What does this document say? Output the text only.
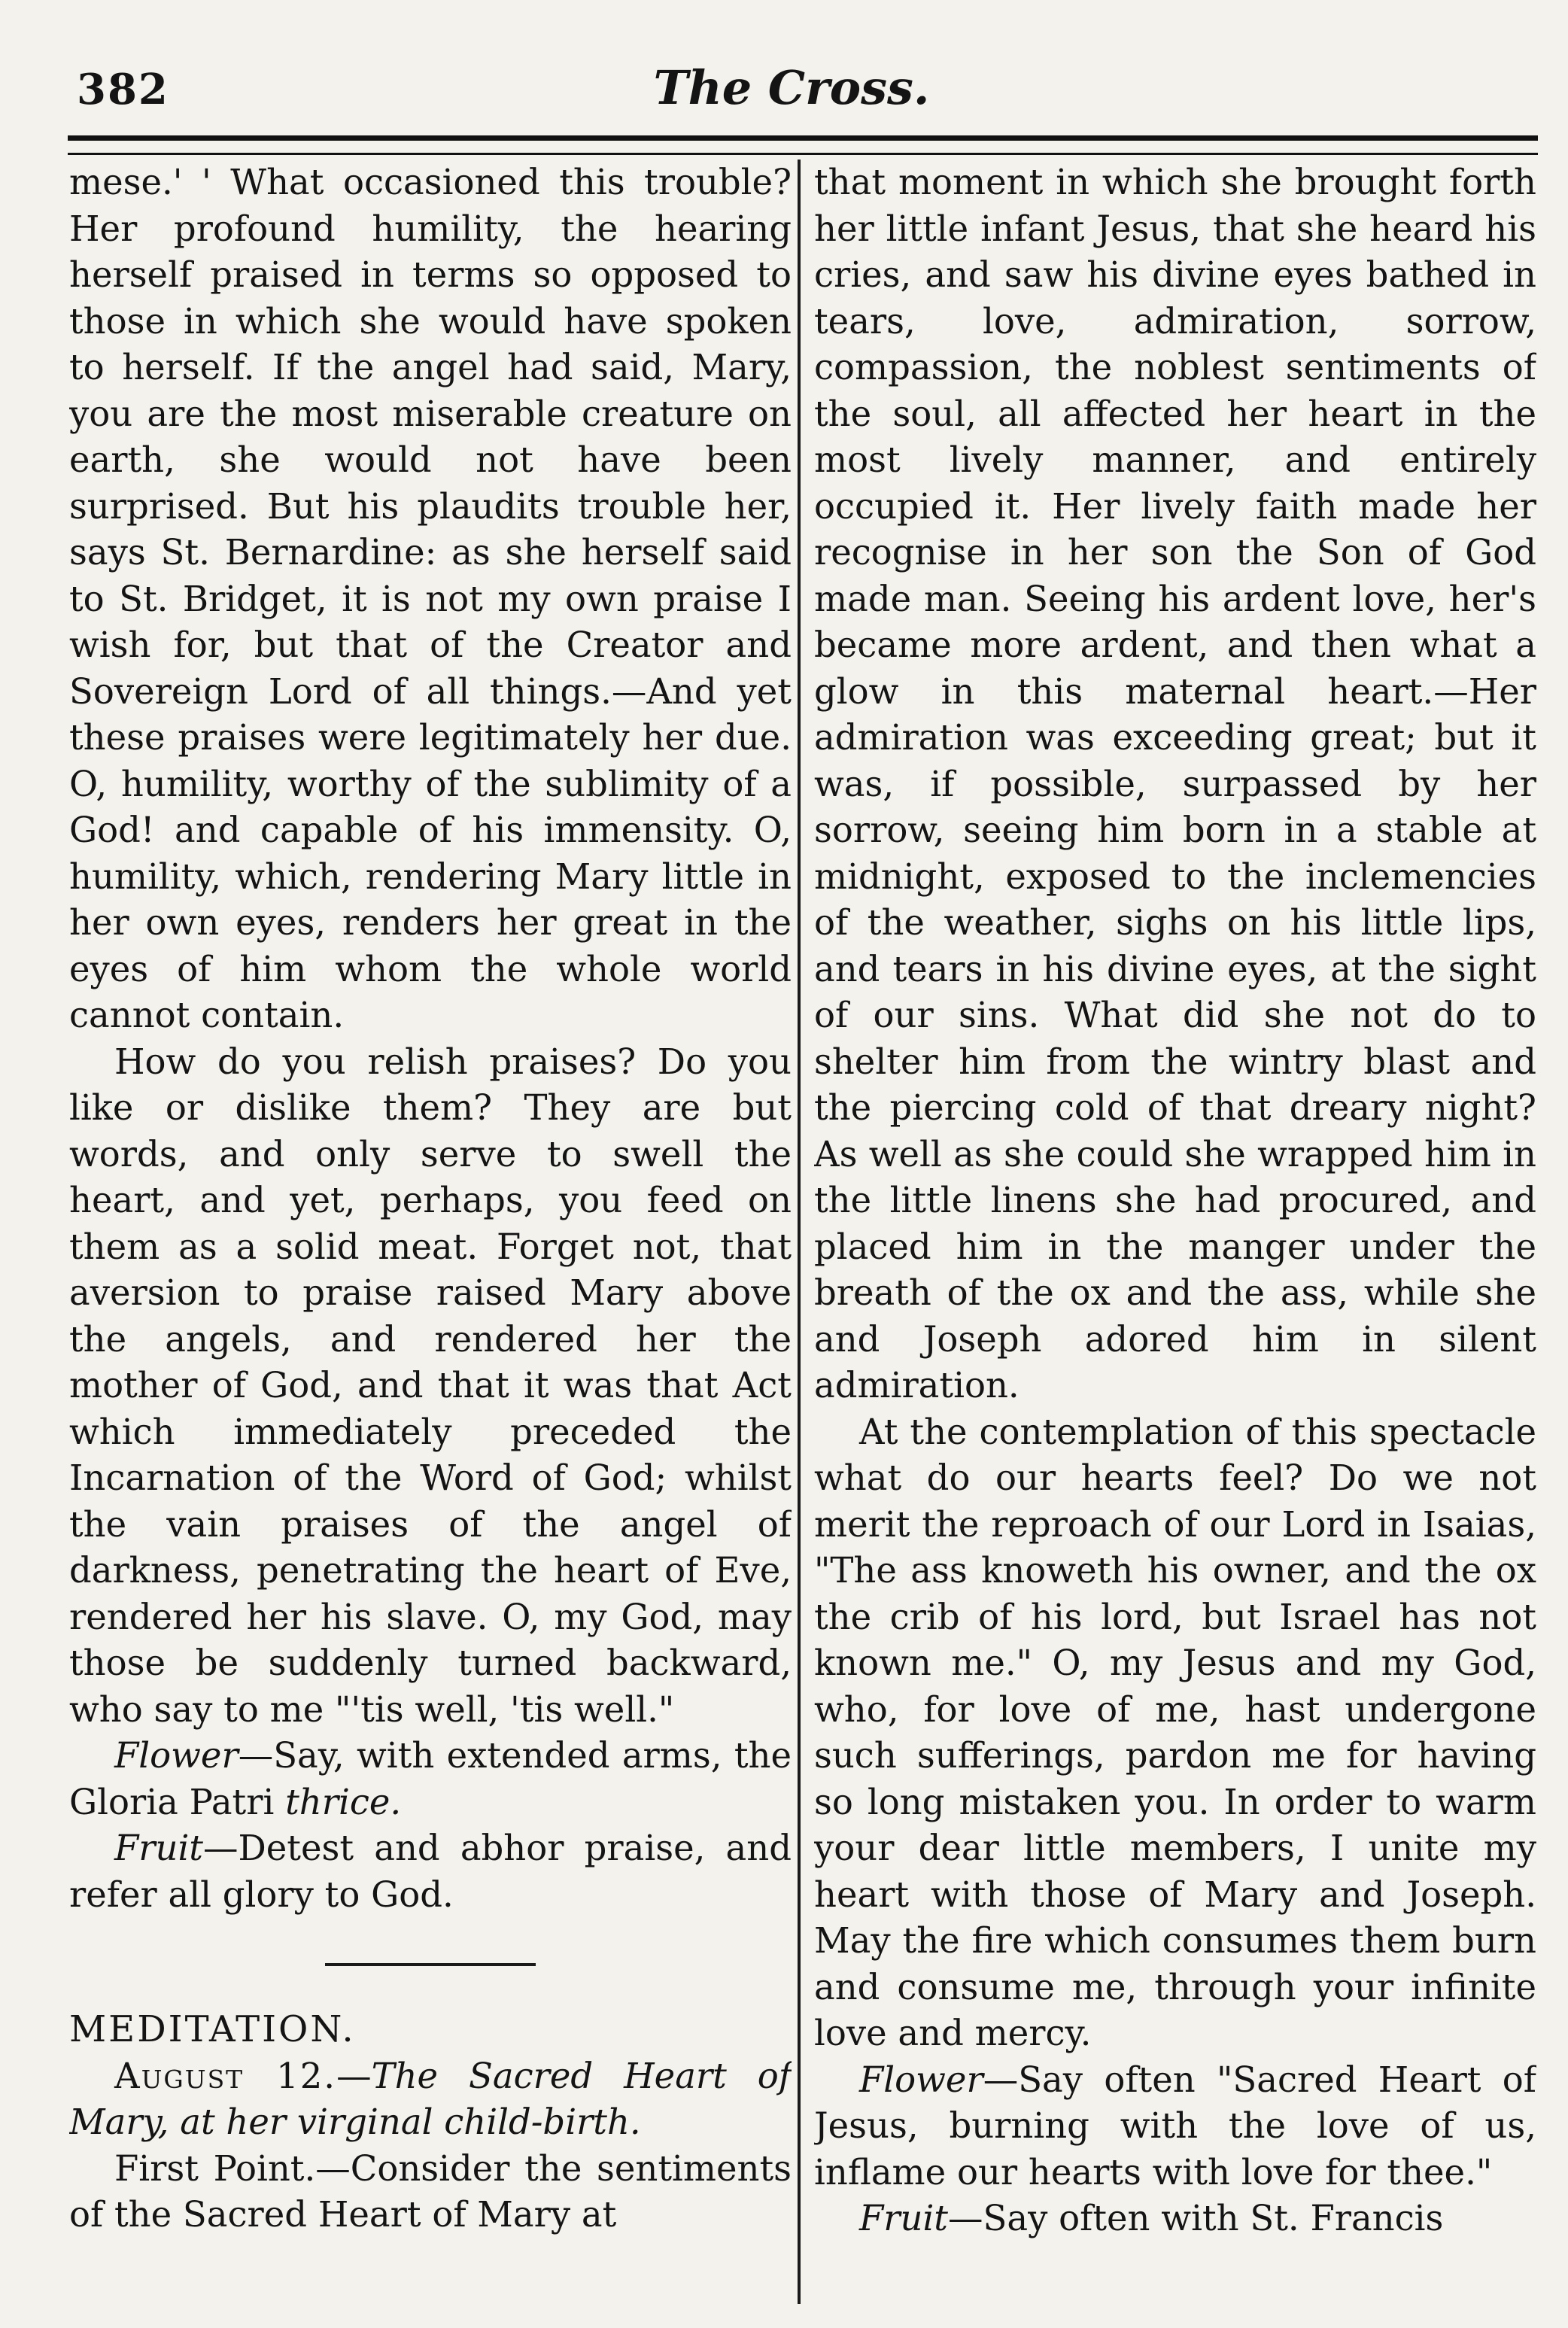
382	The Cross.

mese.' ' What occasioned this trouble? Her profound humility, the hearing herself praised in terms so opposed to those in which she would have spoken to herself. If the angel had said, Mary, you are the most miserable creature on earth, she would not have been surprised. But his plaudits trouble her, says St. Bernardine: as she herself said to St. Bridget, it is not my own praise I wish for, but that of the Creator and Sovereign Lord of all things.—And yet these praises were legitimately her due. O, humility, worthy of the sublimity of a God! and capable of his immensity. O, humility, which, rendering Mary little in her own eyes, renders her great in the eyes of him whom the whole world cannot contain.

How do you relish praises? Do you like or dislike them? They are but words, and only serve to swell the heart, and yet, perhaps, you feed on them as a solid meat. Forget not, that aversion to praise raised Mary above the angels, and rendered her the mother of God, and that it was that Act which immediately preceded the Incarnation of the Word of God; whilst the vain praises of the angel of darkness, penetrating the heart of Eve, rendered her his slave. O, my God, may those be suddenly turned backward, who say to me "'tis well, 'tis well."

Flower—Say, with extended arms, the Gloria Patri thrice.

Fruit—Detest and abhor praise, and refer all glory to God.

MEDITATION.

August 12.—The Sacred Heart of Mary, at her virginal child-birth.

First Point.—Consider the sentiments of the Sacred Heart of Mary at

that moment in which she brought forth her little infant Jesus, that she heard his cries, and saw his divine eyes bathed in tears, love, admiration, sorrow, compassion, the noblest sentiments of the soul, all affected her heart in the most lively manner, and entirely occupied it. Her lively faith made her recognise in her son the Son of God made man. Seeing his ardent love, her's became more ardent, and then what a glow in this maternal heart.—Her admiration was exceeding great; but it was, if possible, surpassed by her sorrow, seeing him born in a stable at midnight, exposed to the inclemencies of the weather, sighs on his little lips, and tears in his divine eyes, at the sight of our sins. What did she not do to shelter him from the wintry blast and the piercing cold of that dreary night? As well as she could she wrapped him in the little linens she had procured, and placed him in the manger under the breath of the ox and the ass, while she and Joseph adored him in silent admiration.

At the contemplation of this spectacle what do our hearts feel? Do we not merit the reproach of our Lord in Isaias, "The ass knoweth his owner, and the ox the crib of his lord, but Israel has not known me." O, my Jesus and my God, who, for love of me, hast undergone such sufferings, pardon me for having so long mistaken you. In order to warm your dear little members, I unite my heart with those of Mary and Joseph. May the fire which consumes them burn and consume me, through your infinite love and mercy.

Flower—Say often "Sacred Heart of Jesus, burning with the love of us, inflame our hearts with love for thee."

Fruit—Say often with St. Francis
